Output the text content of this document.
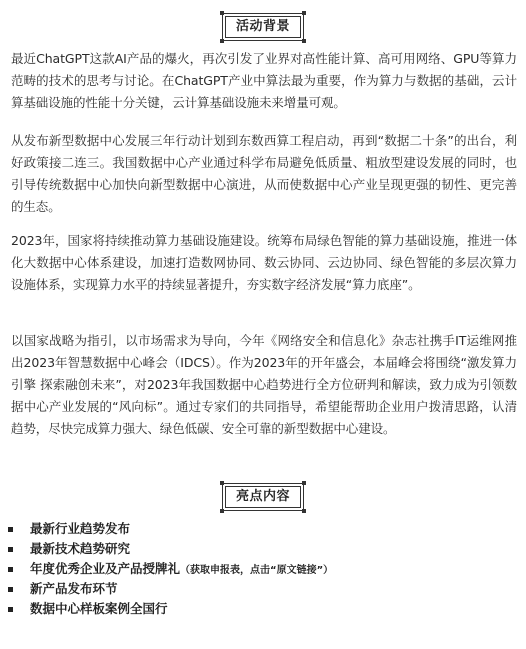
活动背景

最近ChatGPT这款AI产品的爆火，再次引发了业界对高性能计算、高可用网络、GPU等算力范畴的技术的思考与讨论。在ChatGPT产业中算法最为重要，作为算力与数据的基础，云计算基础设施的性能十分关键，云计算基础设施未来增量可观。

从发布新型数据中心发展三年行动计划到东数西算工程启动，再到“数据二十条”的出台，利好政策接二连三。我国数据中心产业通过科学布局避免低质量、粗放型建设发展的同时，也引导传统数据中心加快向新型数据中心演进，从而使数据中心产业呈现更强的韧性、更完善的生态。

2023年，国家将持续推动算力基础设施建设。统筹布局绿色智能的算力基础设施，推进一体化大数据中心体系建设，加速打造数网协同、数云协同、云边协同、绿色智能的多层次算力设施体系，实现算力水平的持续显著提升，夯实数字经济发展“算力底座”。

以国家战略为指引，以市场需求为导向，今年《网络安全和信息化》杂志社携手IT运维网推出2023年智慧数据中心峰会（IDCS）。作为2023年的开年盛会，本届峰会将围绕“激发算力引擎 探索融创未来”，对2023年我国数据中心趋势进行全方位研判和解读，致力成为引领数据中心产业发展的“风向标”。通过专家们的共同指导，希望能帮助企业用户拨清思路，认清趋势，尽快完成算力强大、绿色低碳、安全可靠的新型数据中心建设。

亮点内容
最新行业趋势发布
最新技术趋势研究
年度优秀企业及产品授牌礼（获取申报表，点击“原文链接”）
新产品发布环节
数据中心样板案例全国行
